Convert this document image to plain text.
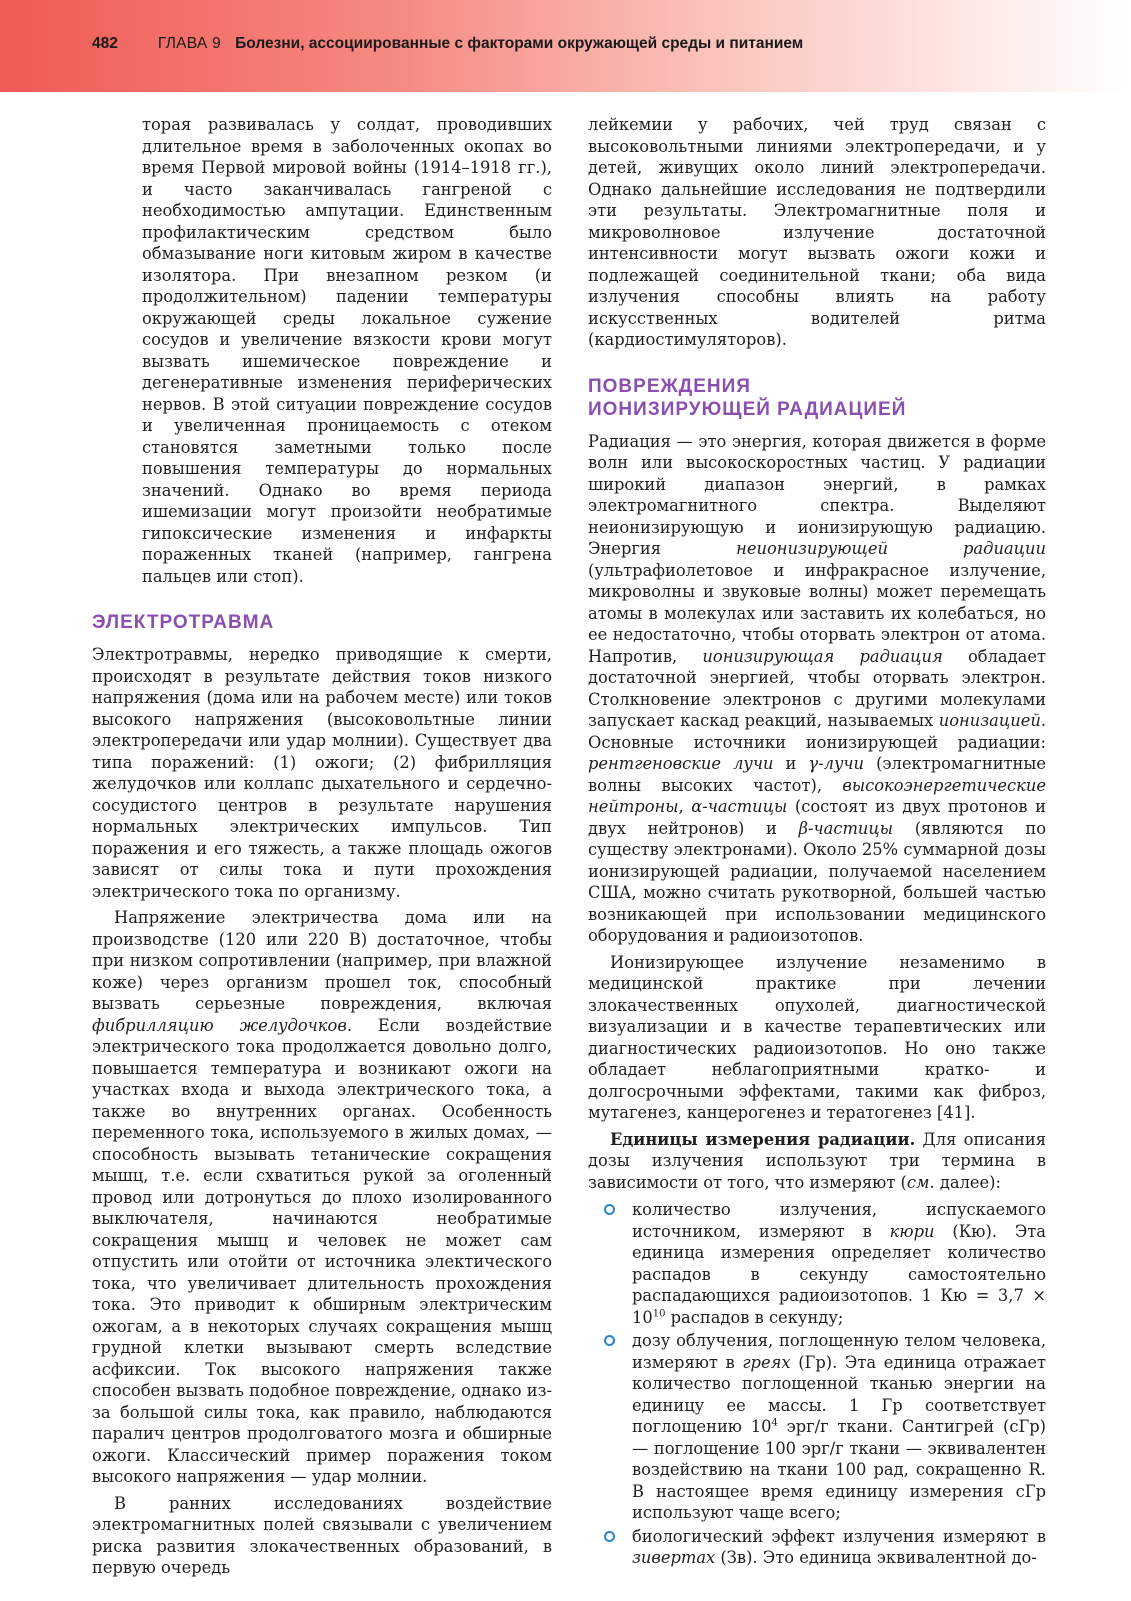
482	ГЛАВА 9 Болезни, ассоциированные с факторами окружающей среды и питанием

торая развивалась у солдат, проводивших длительное время в заболоченных окопах во время Первой мировой войны (1914–1918 гг.), и часто заканчивалась гангреной с необходимостью ампутации. Единственным профилактическим средством было обмазывание ноги китовым жиром в качестве изолятора. При внезапном резком (и продолжительном) падении температуры окружающей среды локальное сужение сосудов и увеличение вязкости крови могут вызвать ишемическое повреждение и дегенеративные изменения периферических нервов. В этой ситуации повреждение сосудов и увеличенная проницаемость с отеком становятся заметными только после повышения температуры до нормальных значений. Однако во время периода ишемизации могут произойти необратимые гипоксические изменения и инфаркты пораженных тканей (например, гангрена пальцев или стоп).

ЭЛЕКТРОТРАВМА

Электротравмы, нередко приводящие к смерти, происходят в результате действия токов низкого напряжения (дома или на рабочем месте) или токов высокого напряжения (высоковольтные линии электропередачи или удар молнии). Существует два типа поражений: (1) ожоги; (2) фибрилляция желудочков или коллапс дыхательного и сердечно-сосудистого центров в результате нарушения нормальных электрических импульсов. Тип поражения и его тяжесть, а также площадь ожогов зависят от силы тока и пути прохождения электрического тока по организму.

Напряжение электричества дома или на производстве (120 или 220 В) достаточное, чтобы при низком сопротивлении (например, при влажной коже) через организм прошел ток, способный вызвать серьезные повреждения, включая фибрилляцию желудочков. Если воздействие электрического тока продолжается довольно долго, повышается температура и возникают ожоги на участках входа и выхода электрического тока, а также во внутренних органах. Особенность переменного тока, используемого в жилых домах, — способность вызывать тетанические сокращения мышц, т.е. если схватиться рукой за оголенный провод или дотронуться до плохо изолированного выключателя, начинаются необратимые сокращения мышц и человек не может сам отпустить или отойти от источника электического тока, что увеличивает длительность прохождения тока. Это приводит к обширным электрическим ожогам, а в некоторых случаях сокращения мышц грудной клетки вызывают смерть вследствие асфиксии. Ток высокого напряжения также способен вызвать подобное повреждение, однако из-за большой силы тока, как правило, наблюдаются паралич центров продолговатого мозга и обширные ожоги. Классический пример поражения током высокого напряжения — удар молнии.

В ранних исследованиях воздействие электромагнитных полей связывали с увеличением риска развития злокачественных образований, в первую очередь

лейкемии у рабочих, чей труд связан с высоковольтными линиями электропередачи, и у детей, живущих около линий электропередачи. Однако дальнейшие исследования не подтвердили эти результаты. Электромагнитные поля и микроволновое излучение достаточной интенсивности могут вызвать ожоги кожи и подлежащей соединительной ткани; оба вида излучения способны влиять на работу искусственных водителей ритма (кардиостимуляторов).

ПОВРЕЖДЕНИЯ
ИОНИЗИРУЮЩЕЙ РАДИАЦИЕЙ

Радиация — это энергия, которая движется в форме волн или высокоскоростных частиц. У радиации широкий диапазон энергий, в рамках электромагнитного спектра. Выделяют неионизирующую и ионизирующую радиацию. Энергия неионизирующей радиации (ультрафиолетовое и инфракрасное излучение, микроволны и звуковые волны) может перемещать атомы в молекулах или заставить их колебаться, но ее недостаточно, чтобы оторвать электрон от атома. Напротив, ионизирующая радиация обладает достаточной энергией, чтобы оторвать электрон. Столкновение электронов с другими молекулами запускает каскад реакций, называемых ионизацией. Основные источники ионизирующей радиации: рентгеновские лучи и γ-лучи (электромагнитные волны высоких частот), высокоэнергетические нейтроны, α-частицы (состоят из двух протонов и двух нейтронов) и β-частицы (являются по существу электронами). Около 25% суммарной дозы ионизирующей радиации, получаемой населением США, можно считать рукотворной, большей частью возникающей при использовании медицинского оборудования и радиоизотопов.

Ионизирующее излучение незаменимо в медицинской практике при лечении злокачественных опухолей, диагностической визуализации и в качестве терапевтических или диагностических радиоизотопов. Но оно также обладает неблагоприятными кратко- и долгосрочными эффектами, такими как фиброз, мутагенез, канцерогенез и тератогенез [41].

Единицы измерения радиации. Для описания дозы излучения используют три термина в зависимости от того, что измеряют (см. далее):

количество излучения, испускаемого источником, измеряют в кюри (Кю). Эта единица измерения определяет количество распадов в секунду самостоятельно распадающихся радиоизотопов. 1 Кю = $3,7 \times 10^{10}$ распадов в секунду;
дозу облучения, поглощенную телом человека, измеряют в греях (Гр). Эта единица отражает количество поглощенной тканью энергии на единицу ее массы. 1 Гр соответствует поглощению $10^4$ эрг/г ткани. Сантигрей (сГр) — поглощение 100 эрг/г ткани — эквивалентен воздействию на ткани 100 рад, сокращенно R. В настоящее время единицу измерения сГр используют чаще всего;
биологический эффект излучения измеряют в зивертах (Зв). Это единица эквивалентной до-
